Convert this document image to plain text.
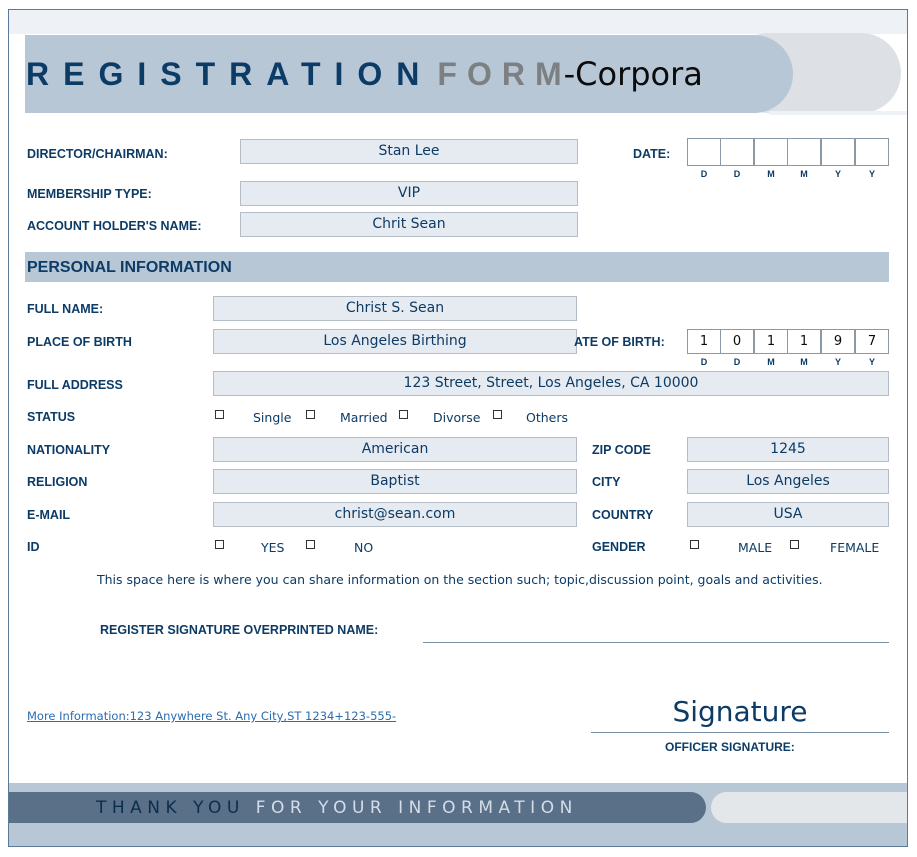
REGISTRATION FORM-Corpora
DIRECTOR/CHAIRMAN:	Stan Lee
MEMBERSHIP TYPE:	VIP
ACCOUNT HOLDER'S NAME:	Chrit Sean
DATE:
D	D	M	M	Y	Y
PERSONAL INFORMATION
FULL NAME:	Christ S. Sean
PLACE OF BIRTH	Los Angeles Birthing	ATE OF BIRTH:	1	0	1	1	9	7
D	D	M	M	Y	Y
FULL ADDRESS	123 Street, Street, Los Angeles, CA 10000
STATUS	Single	Married	Divorse	Others
NATIONALITY	American	ZIP CODE	1245
RELIGION	Baptist	CITY	Los Angeles
E-MAIL	christ@sean.com	COUNTRY	USA
ID	YES	NO	GENDER	MALE	FEMALE
This space here is where you can share information on the section such; topic,discussion point, goals and activities.
REGISTER SIGNATURE OVERPRINTED NAME:
More Information:123 Anywhere St. Any City,ST 1234+123-555-	Signature
OFFICER SIGNATURE:
THANK YOU FOR YOUR INFORMATION
